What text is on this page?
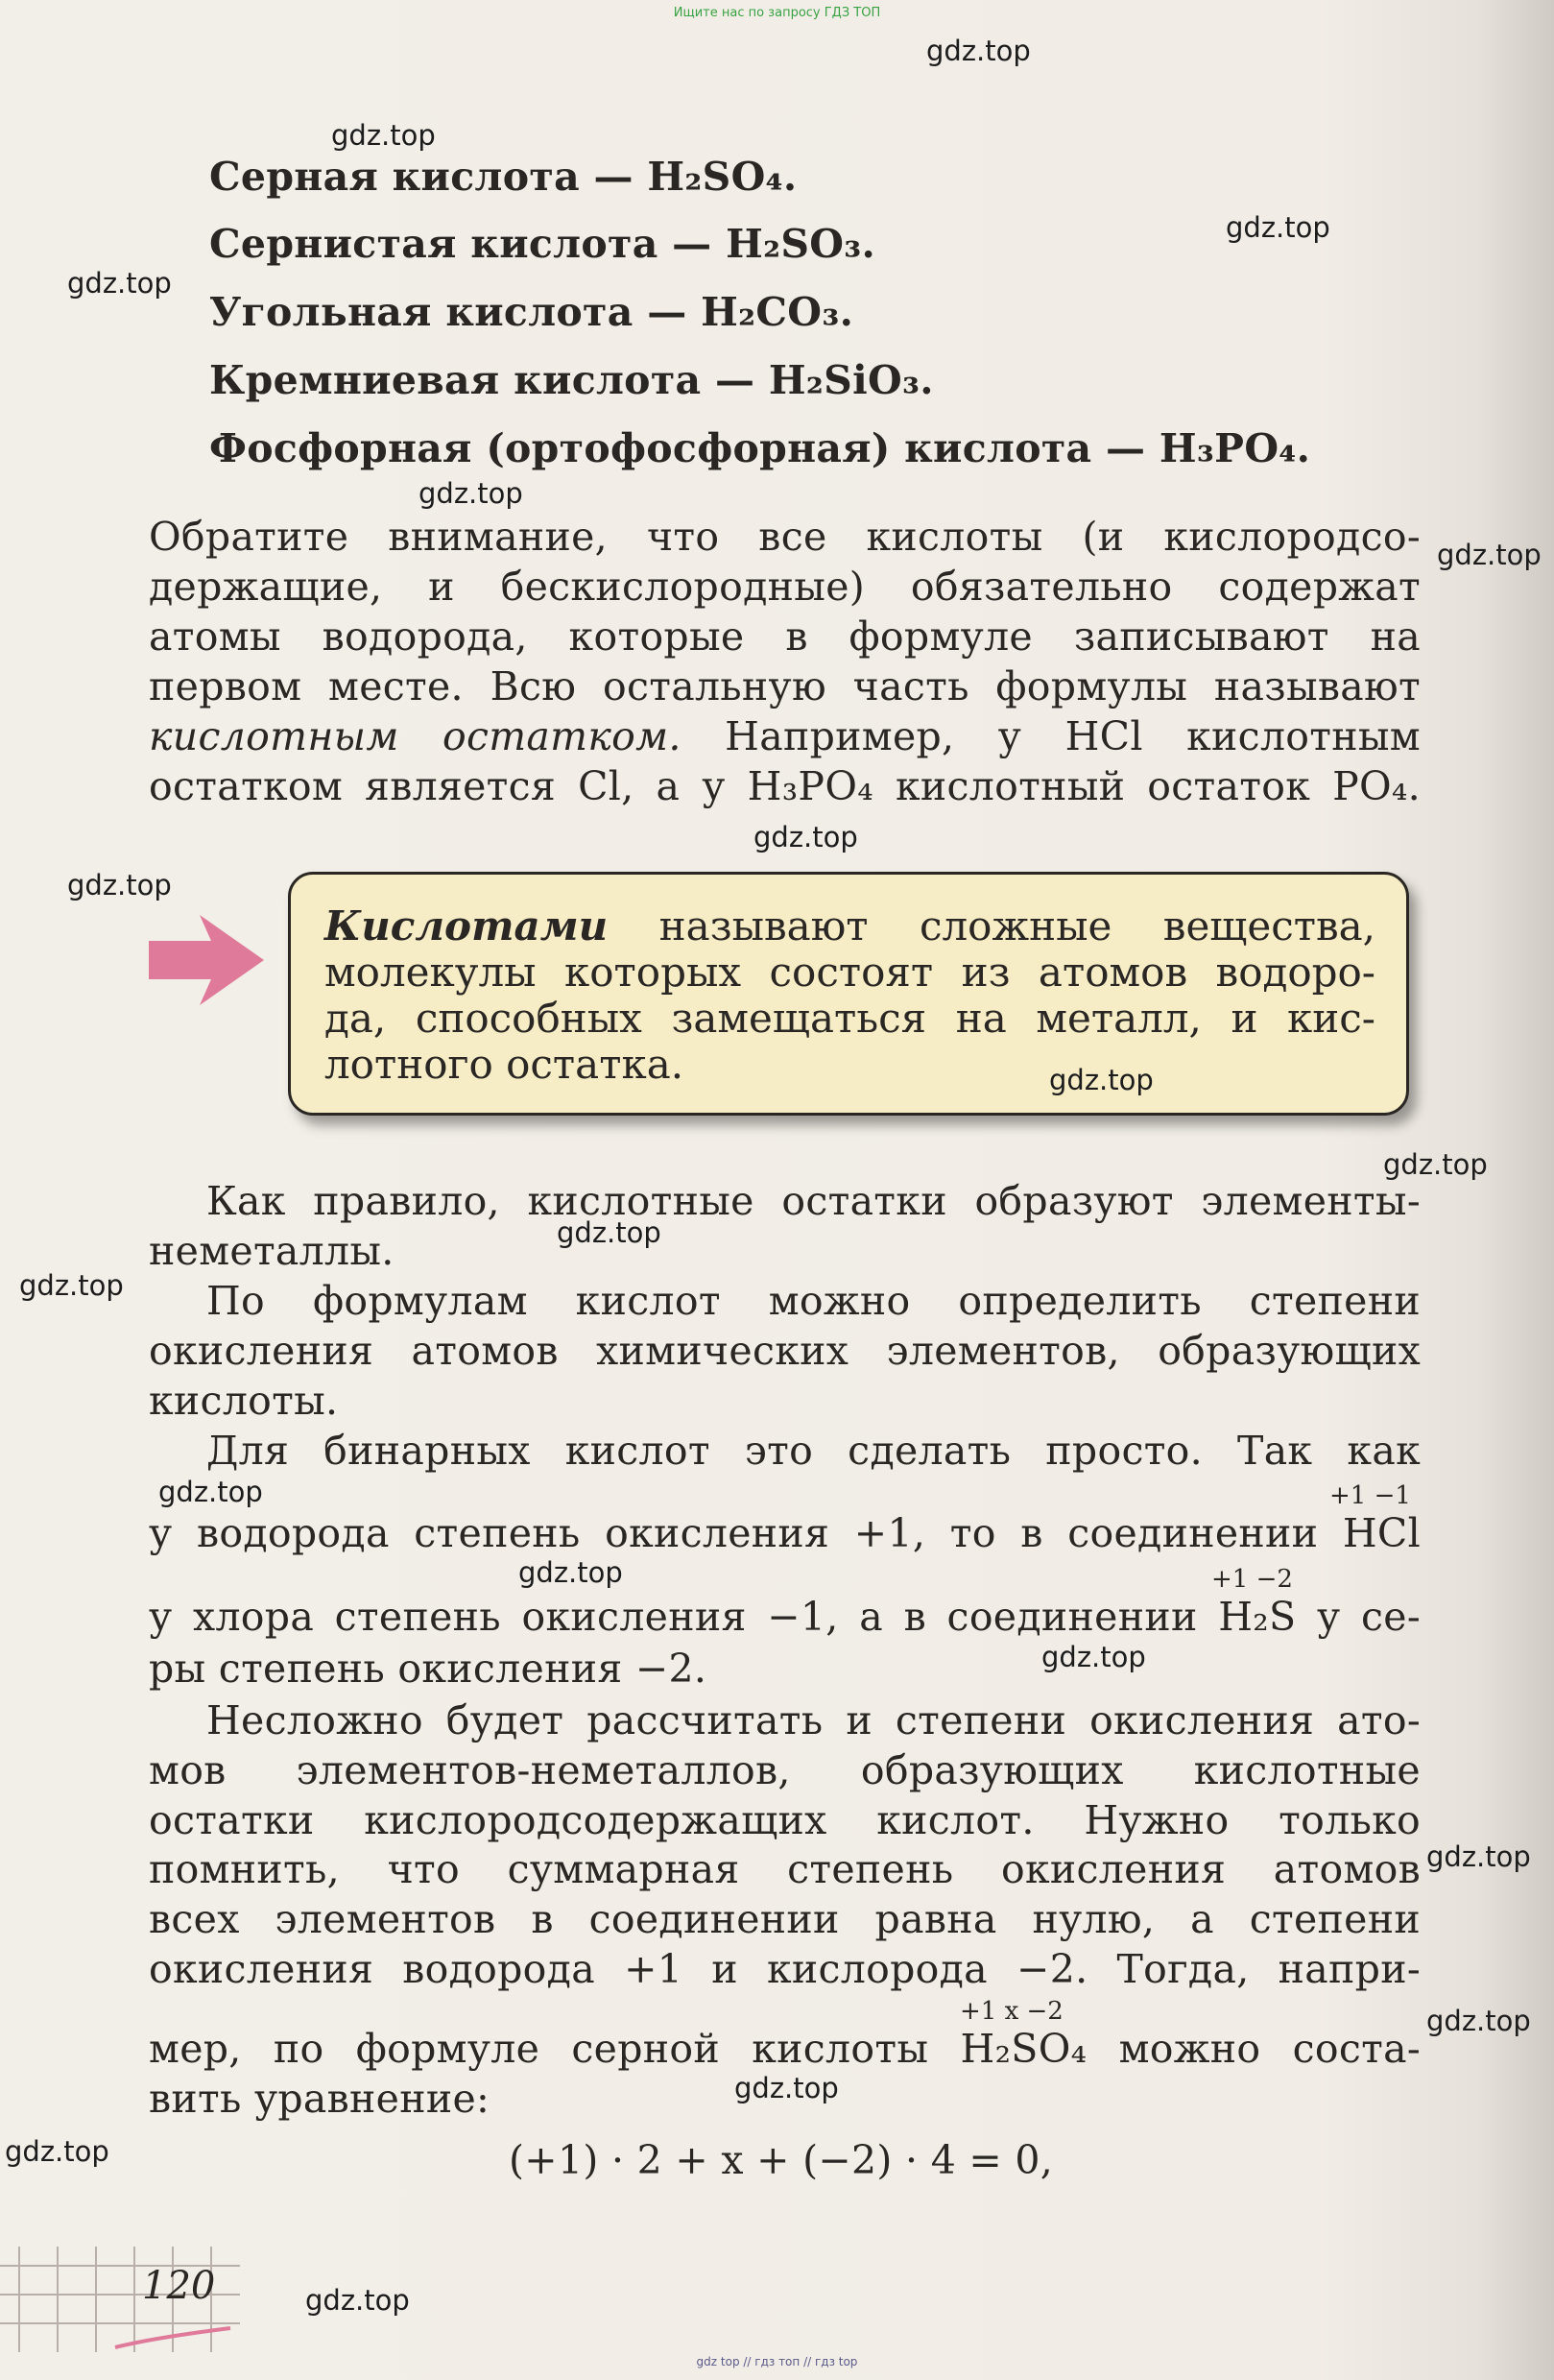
Ищите нас по запросу ГДЗ ТОП
Серная кислота — H₂SO₄.
Сернистая кислота — H₂SO₃.
Угольная кислота — H₂CO₃.
Кремниевая кислота — H₂SiO₃.
Фосфорная (ортофосфорная) кислота — H₃PO₄.
Обратите внимание, что все кислоты (и кислородсо-
держащие, и бескислородные) обязательно содержат
атомы водорода, которые в формуле записывают на
первом месте. Всю остальную часть формулы называют
кислотным остатком. Например, у HCl кислотным
остатком является Cl, а у H₃PO₄ кислотный остаток PO₄.
Кислотами называют сложные вещества,
молекулы которых состоят из атомов водоро-
да, способных замещаться на металл, и кис-
лотного остатка.
Как правило, кислотные остатки образуют элементы-
неметаллы.
По формулам кислот можно определить степени
окисления атомов химических элементов, образующих
кислоты.
Для бинарных кислот это сделать просто. Так как
+1 −1
у водорода степень окисления +1, то в соединении HCl
+1 −2
у хлора степень окисления −1, а в соединении H₂S у се-
ры степень окисления −2.
Несложно будет рассчитать и степени окисления ато-
мов элементов-неметаллов, образующих кислотные
остатки кислородсодержащих кислот. Нужно только
помнить, что суммарная степень окисления атомов
всех элементов в соединении равна нулю, а степени
окисления водорода +1 и кислорода −2. Тогда, напри-
+1 x −2
мер, по формуле серной кислоты H₂SO₄ можно соста-
вить уравнение:
(+1) · 2 + x + (−2) · 4 = 0,
120
gdz.top
gdz.top
gdz.top
gdz.top
gdz.top
gdz.top
gdz.top
gdz.top
gdz.top
gdz.top
gdz.top
gdz.top
gdz.top
gdz.top
gdz.top
gdz.top
gdz.top
gdz.top
gdz.top
gdz.top
gdz top // гдз топ // гдз top
